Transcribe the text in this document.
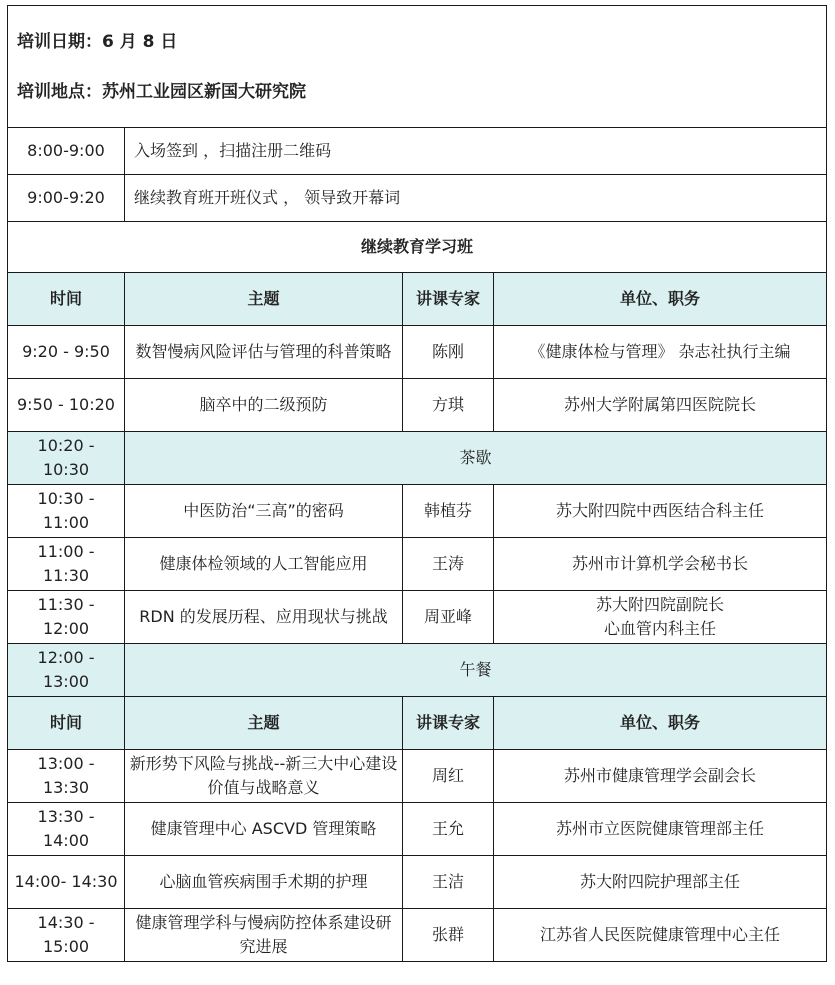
培训日期：6 月 8 日
培训地点：苏州工业园区新国大研究院			

8:00-9:00	入场签到 ，扫描注册二维码		
9:00-9:20	继续教育班开班仪式 ， 领导致开幕词		
继续教育学习班			
时间	主题	讲课专家	单位、职务
9:20 - 9:50	数智慢病风险评估与管理的科普策略	陈刚	《健康体检与管理》 杂志社执行主编

9:50 - 10:20	脑卒中的二级预防	方琪	苏州大学附属第四医院院长

10:20 - 10:30	茶歇		
10:30 - 11:00	中医防治“三高”的密码	韩植芬	苏大附四院中西医结合科主任

11:00 - 11:30	健康体检领域的人工智能应用	王涛	苏州市计算机学会秘书长

11:30 - 12:00	RDN 的发展历程、应用现状与挑战	周亚峰	苏大附四院副院长
心血管内科主任

12:00 - 13:00	午餐		
时间	主题	讲课专家	单位、职务
13:00 - 13:30	新形势下风险与挑战--新三大中心建设价值与战略意义	周红	苏州市健康管理学会副会长

13:30 - 14:00	健康管理中心 ASCVD 管理策略	王允	苏州市立医院健康管理部主任

14:00- 14:30	心脑血管疾病围手术期的护理	王洁	苏大附四院护理部主任

14:30 - 15:00	健康管理学科与慢病防控体系建设研究进展	张群	江苏省人民医院健康管理中心主任
